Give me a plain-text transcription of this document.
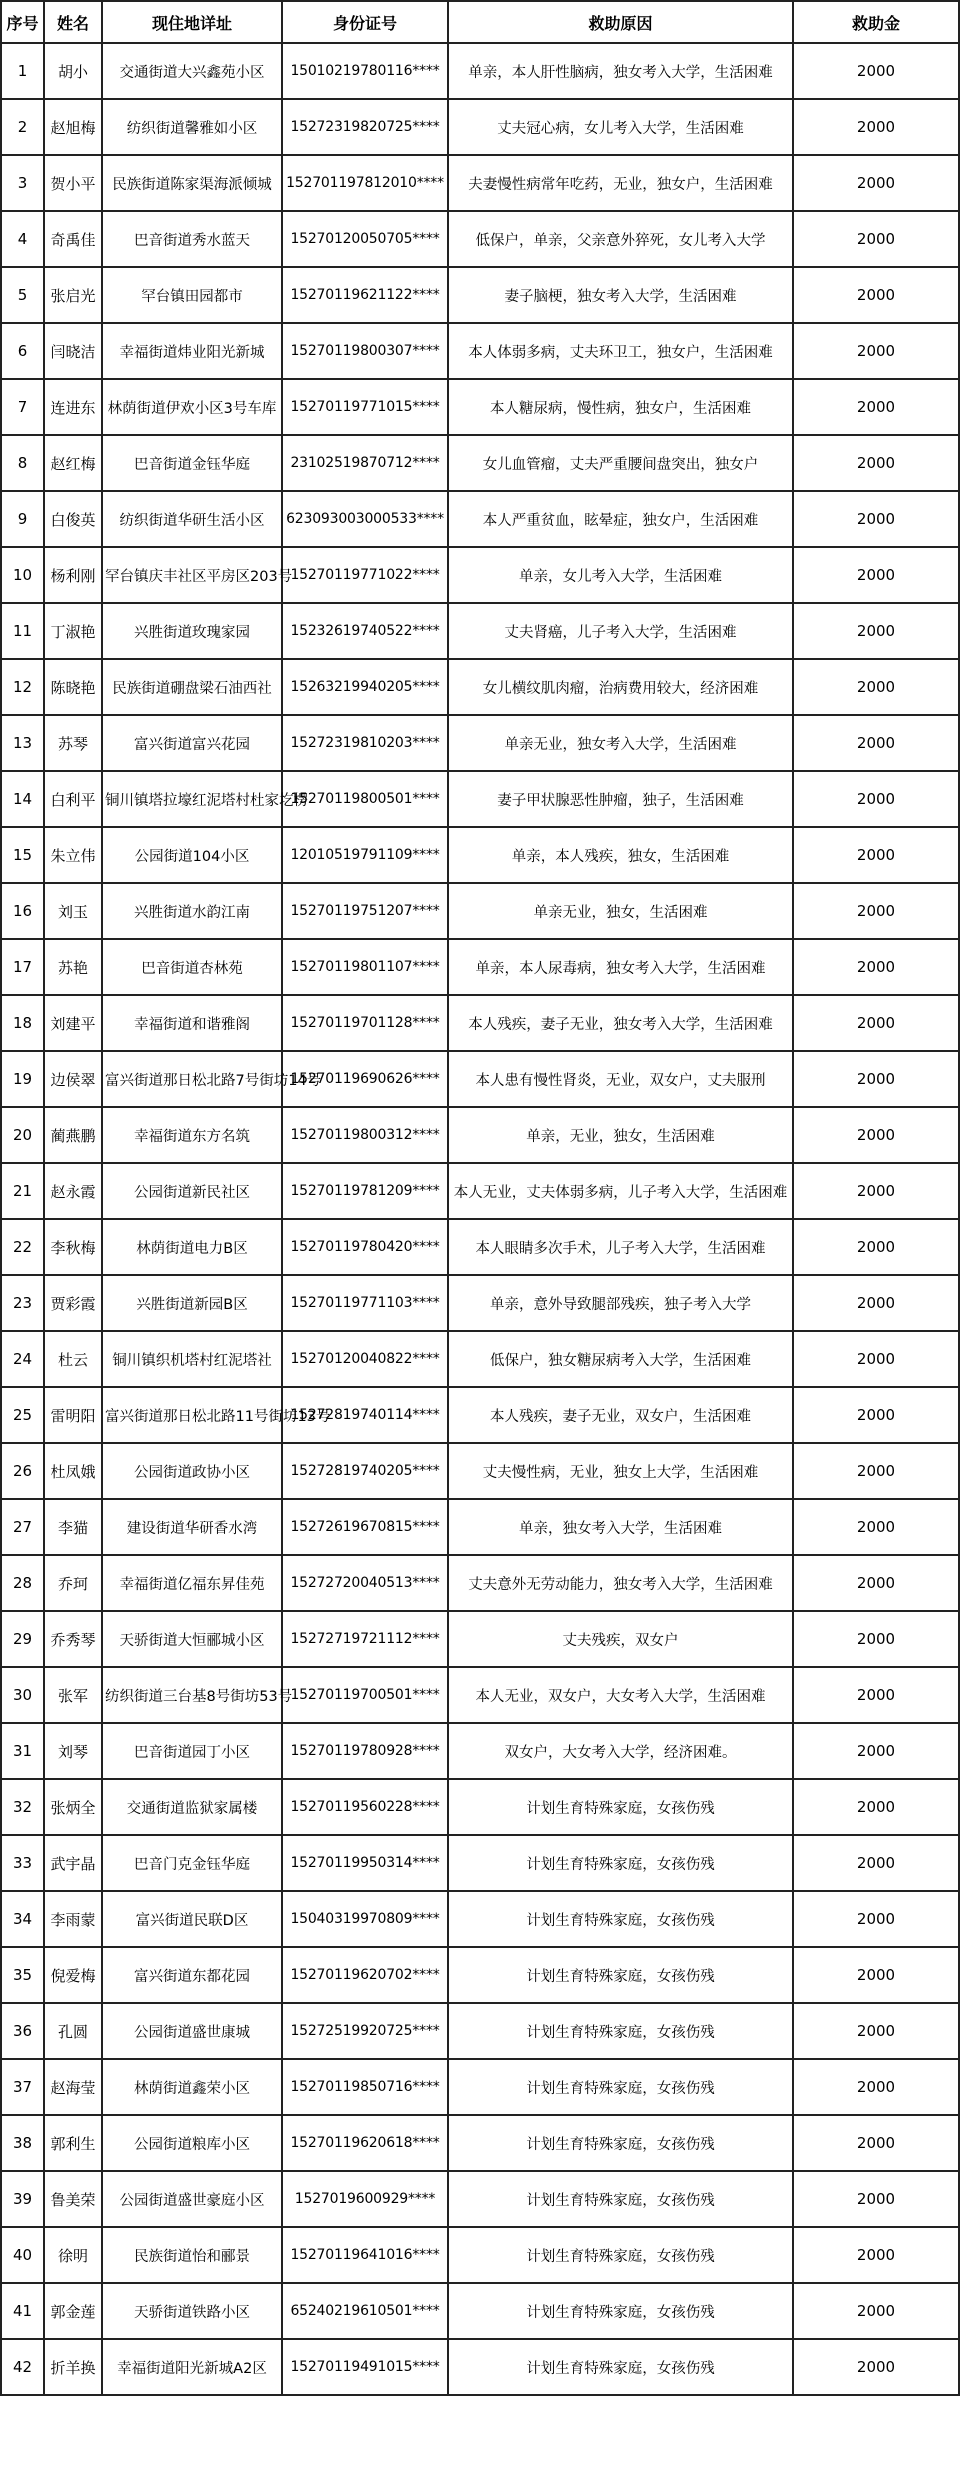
序号	姓名	现住地详址	身份证号	救助原因	救助金
1	胡小	交通街道大兴鑫苑小区	15010219780116****	单亲，本人肝性脑病，独女考入大学，生活困难	2000
2	赵旭梅	纺织街道馨雅如小区	15272319820725****	丈夫冠心病，女儿考入大学，生活困难	2000
3	贺小平	民族街道陈家渠海派倾城	152701197812010****	夫妻慢性病常年吃药，无业，独女户，生活困难	2000
4	奇禹佳	巴音街道秀水蓝天	15270120050705****	低保户，单亲，父亲意外猝死，女儿考入大学	2000
5	张启光	罕台镇田园都市	15270119621122****	妻子脑梗，独女考入大学，生活困难	2000
6	闫晓洁	幸福街道炜业阳光新城	15270119800307****	本人体弱多病，丈夫环卫工，独女户，生活困难	2000
7	连进东	林荫街道伊欢小区3号车库	15270119771015****	本人糖尿病，慢性病，独女户，生活困难	2000
8	赵红梅	巴音街道金钰华庭	23102519870712****	女儿血管瘤，丈夫严重腰间盘突出，独女户	2000
9	白俊英	纺织街道华研生活小区	623093003000533****	本人严重贫血，眩晕症，独女户，生活困难	2000
10	杨利刚	罕台镇庆丰社区平房区203号	15270119771022****	单亲，女儿考入大学，生活困难	2000
11	丁淑艳	兴胜街道玫瑰家园	15232619740522****	丈夫肾癌，儿子考入大学，生活困难	2000
12	陈晓艳	民族街道硼盘梁石油西社	15263219940205****	女儿横纹肌肉瘤，治病费用较大，经济困难	2000
13	苏琴	富兴街道富兴花园	15272319810203****	单亲无业，独女考入大学，生活困难	2000
14	白利平	铜川镇塔拉壕红泥塔村杜家圪楞	15270119800501****	妻子甲状腺恶性肿瘤，独子，生活困难	2000
15	朱立伟	公园街道104小区	12010519791109****	单亲，本人残疾，独女，生活困难	2000
16	刘玉	兴胜街道水韵江南	15270119751207****	单亲无业，独女，生活困难	2000
17	苏艳	巴音街道杏林苑	15270119801107****	单亲，本人尿毒病，独女考入大学，生活困难	2000
18	刘建平	幸福街道和谐雅阁	15270119701128****	本人残疾，妻子无业，独女考入大学，生活困难	2000
19	边侯翠	富兴街道那日松北路7号街坊14号	15270119690626****	本人患有慢性肾炎，无业，双女户，丈夫服刑	2000
20	蔺燕鹏	幸福街道东方名筑	15270119800312****	单亲，无业，独女，生活困难	2000
21	赵永霞	公园街道新民社区	15270119781209****	本人无业，丈夫体弱多病，儿子考入大学，生活困难	2000
22	李秋梅	林荫街道电力B区	15270119780420****	本人眼睛多次手术，儿子考入大学，生活困难	2000
23	贾彩霞	兴胜街道新园B区	15270119771103****	单亲，意外导致腿部残疾，独子考入大学	2000
24	杜云	铜川镇织机塔村红泥塔社	15270120040822****	低保户，独女糖尿病考入大学，生活困难	2000
25	雷明阳	富兴街道那日松北路11号街坊13号	15272819740114****	本人残疾，妻子无业，双女户，生活困难	2000
26	杜凤娥	公园街道政协小区	15272819740205****	丈夫慢性病，无业，独女上大学，生活困难	2000
27	李猫	建设街道华研香水湾	15272619670815****	单亲，独女考入大学，生活困难	2000
28	乔珂	幸福街道亿福东昇佳苑	15272720040513****	丈夫意外无劳动能力，独女考入大学，生活困难	2000
29	乔秀琴	天骄街道大恒郦城小区	15272719721112****	丈夫残疾，双女户	2000
30	张军	纺织街道三台基8号街坊53号	15270119700501****	本人无业，双女户，大女考入大学，生活困难	2000
31	刘琴	巴音街道园丁小区	15270119780928****	双女户，大女考入大学，经济困难。	2000
32	张炳全	交通街道监狱家属楼	15270119560228****	计划生育特殊家庭，女孩伤残	2000
33	武宇晶	巴音门克金钰华庭	15270119950314****	计划生育特殊家庭，女孩伤残	2000
34	李雨蒙	富兴街道民联D区	15040319970809****	计划生育特殊家庭，女孩伤残	2000
35	倪爱梅	富兴街道东都花园	15270119620702****	计划生育特殊家庭，女孩伤残	2000
36	孔圆	公园街道盛世康城	15272519920725****	计划生育特殊家庭，女孩伤残	2000
37	赵海莹	林荫街道鑫荣小区	15270119850716****	计划生育特殊家庭，女孩伤残	2000
38	郭利生	公园街道粮库小区	15270119620618****	计划生育特殊家庭，女孩伤残	2000
39	鲁美荣	公园街道盛世豪庭小区	1527019600929****	计划生育特殊家庭，女孩伤残	2000
40	徐明	民族街道怡和郦景	15270119641016****	计划生育特殊家庭，女孩伤残	2000
41	郭金莲	天骄街道铁路小区	65240219610501****	计划生育特殊家庭，女孩伤残	2000
42	折羊换	幸福街道阳光新城A2区	15270119491015****	计划生育特殊家庭，女孩伤残	2000
